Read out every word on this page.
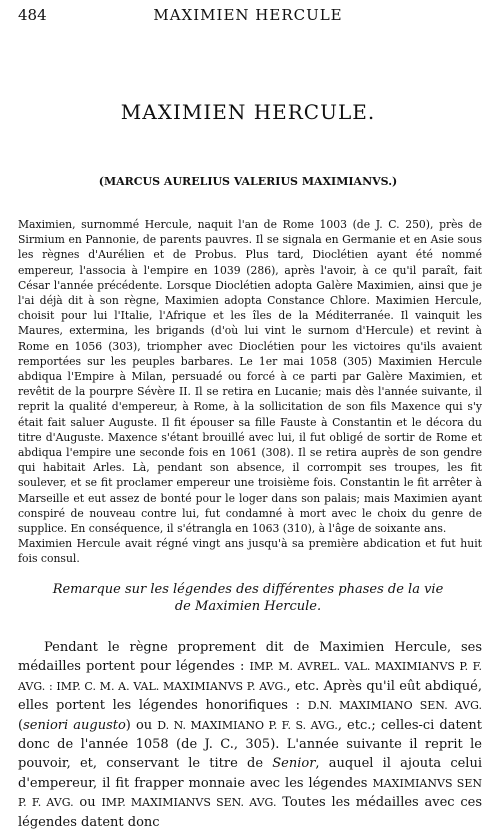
484	MAXIMIEN HERCULE
MAXIMIEN HERCULE.
(MARCUS AURELIUS VALERIUS MAXIMIANVS.)

Maximien, surnommé Hercule, naquit l'an de Rome 1003 (de J. C. 250), près de Sirmium en Pannonie, de parents pauvres. Il se signala en Germanie et en Asie sous les règnes d'Aurélien et de Probus. Plus tard, Dioclétien ayant été nommé empereur, l'associa à l'empire en 1039 (286), après l'avoir, à ce qu'il paraît, fait César l'année précédente. Lorsque Dioclétien adopta Galère Maximien, ainsi que je l'ai déjà dit à son règne, Maximien adopta Constance Chlore. Maximien Hercule, choisit pour lui l'Italie, l'Afrique et les îles de la Méditerranée. Il vainquit les Maures, extermina, les brigands (d'où lui vint le surnom d'Hercule) et revint à Rome en 1056 (303), triompher avec Dioclétien pour les victoires qu'ils avaient remportées sur les peuples barbares. Le 1er mai 1058 (305) Maximien Hercule abdiqua l'Empire à Milan, persuadé ou forcé à ce parti par Galère Maximien, et revêtit de la pourpre Sévère II. Il se retira en Lucanie; mais dès l'année suivante, il reprit la qualité d'empereur, à Rome, à la sollicitation de son fils Maxence qui s'y était fait saluer Auguste. Il fit épouser sa fille Fauste à Constantin et le décora du titre d'Auguste. Maxence s'étant brouillé avec lui, il fut obligé de sortir de Rome et abdiqua l'empire une seconde fois en 1061 (308). Il se retira auprès de son gendre qui habitait Arles. Là, pendant son absence, il corrompit ses troupes, les fit soulever, et se fit proclamer empereur une troisième fois. Constantin le fit arrêter à Marseille et eut assez de bonté pour le loger dans son palais; mais Maximien ayant conspiré de nouveau contre lui, fut condamné à mort avec le choix du genre de supplice. En conséquence, il s'étrangla en 1063 (310), à l'âge de soixante ans.

Maximien Hercule avait régné vingt ans jusqu'à sa première abdication et fut huit fois consul.

Remarque sur les légendes des différentes phases de la vie
de Maximien Hercule.
Pendant le règne proprement dit de Maximien Hercule, ses médailles portent pour légendes : IMP. M. AVREL. VAL. MAXIMIANVS P. F. AVG. : IMP. C. M. A. VAL. MAXIMIANVS P. AVG., etc. Après qu'il eût abdiqué, elles portent les légendes honorifiques : D.N. MAXIMIANO SEN. AVG. (seniori augusto) ou D. N. MAXIMIANO P. F. S. AVG., etc.; celles-ci datent donc de l'année 1058 (de J. C., 305). L'année suivante il reprit le pouvoir, et, conservant le titre de Senior, auquel il ajouta celui d'empereur, il fit frapper monnaie avec les légendes MAXIMIANVS SEN P. F. AVG. ou IMP. MAXIMIANVS SEN. AVG. Toutes les médailles avec ces légendes datent donc
